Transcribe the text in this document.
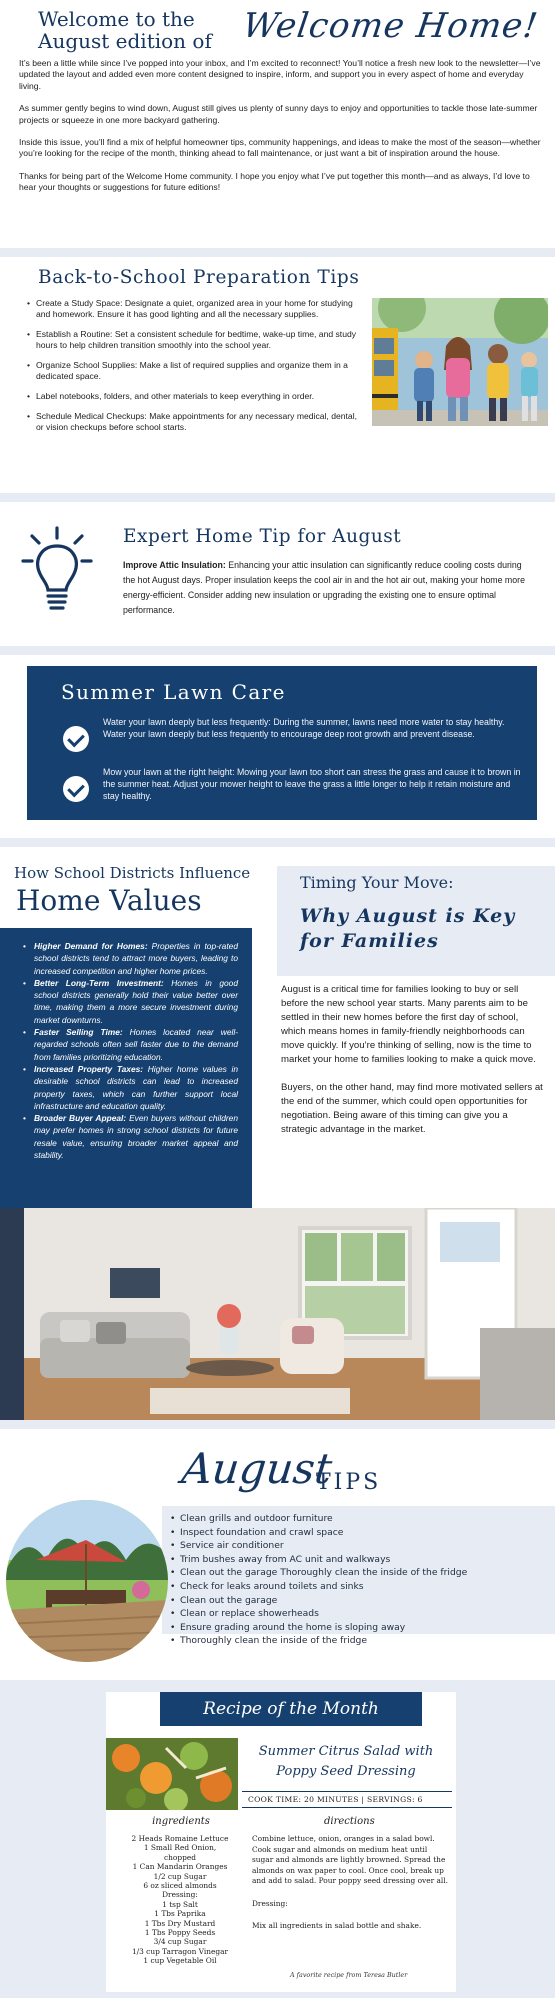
Welcome to the
August edition of Welcome Home!

It’s been a little while since I’ve popped into your inbox, and I’m excited to reconnect! You’ll notice a fresh new look to the newsletter—I’ve updated the layout and added even more content designed to inspire, inform, and support you in every aspect of home and everyday living.

As summer gently begins to wind down, August still gives us plenty of sunny days to enjoy and opportunities to tackle those late-summer projects or squeeze in one more backyard gathering.

Inside this issue, you’ll find a mix of helpful homeowner tips, community happenings, and ideas to make the most of the season—whether you’re looking for the recipe of the month, thinking ahead to fall maintenance, or just want a bit of inspiration around the house.

Thanks for being part of the Welcome Home community. I hope you enjoy what I’ve put together this month—and as always, I’d love to hear your thoughts or suggestions for future editions!

Back-to-School Preparation Tips
• Create a Study Space: Designate a quiet, organized area in your home for studying and homework. Ensure it has good lighting and all the necessary supplies.
• Establish a Routine: Set a consistent schedule for bedtime, wake-up time, and study hours to help children transition smoothly into the school year.
• Organize School Supplies: Make a list of required supplies and organize them in a dedicated space.
• Label notebooks, folders, and other materials to keep everything in order.
• Schedule Medical Checkups: Make appointments for any necessary medical, dental, or vision checkups before school starts.
Expert Home Tip for August
Improve Attic Insulation: Enhancing your attic insulation can significantly reduce cooling costs during the hot August days. Proper insulation keeps the cool air in and the hot air out, making your home more energy-efficient. Consider adding new insulation or upgrading the existing one to ensure optimal performance.
Summer Lawn Care

Water your lawn deeply but less frequently: During the summer, lawns need more water to stay healthy. Water your lawn deeply but less frequently to encourage deep root growth and prevent disease.

Mow your lawn at the right height: Mowing your lawn too short can stress the grass and cause it to brown in the summer heat. Adjust your mower height to leave the grass a little longer to help it retain moisture and stay healthy.

How School Districts Influence
Home Values
Timing Your Move:
Why August is Key for Families
• Higher Demand for Homes: Properties in top-rated school districts tend to attract more buyers, leading to increased competition and higher home prices.
• Better Long-Term Investment: Homes in good school districts generally hold their value better over time, making them a more secure investment during market downturns.
• Faster Selling Time: Homes located near well-regarded schools often sell faster due to the demand from families prioritizing education.
• Increased Property Taxes: Higher home values in desirable school districts can lead to increased property taxes, which can further support local infrastructure and education quality.
• Broader Buyer Appeal: Even buyers without children may prefer homes in strong school districts for future resale value, ensuring broader market appeal and stability.

August is a critical time for families looking to buy or sell before the new school year starts. Many parents aim to be settled in their new homes before the first day of school, which means homes in family-friendly neighborhoods can move quickly. If you’re thinking of selling, now is the time to market your home to families looking to make a quick move.

Buyers, on the other hand, may find more motivated sellers at the end of the summer, which could open opportunities for negotiation. Being aware of this timing can give you a strategic advantage in the market.

August
TIPS
• Clean grills and outdoor furniture
• Inspect foundation and crawl space
• Service air conditioner
• Trim bushes away from AC unit and walkways
• Clean out the garage Thoroughly clean the inside of the fridge
• Check for leaks around toilets and sinks
• Clean out the garage
• Clean or replace showerheads
• Ensure grading around the home is sloping away
• Thoroughly clean the inside of the fridge
Recipe of the Month
Summer Citrus Salad with Poppy Seed Dressing
COOK TIME: 20 MINUTES | SERVINGS: 6
ingredients	directions
2 Heads Romaine Lettuce
1 Small Red Onion,
chopped
1 Can Mandarin Oranges
1/2 cup Sugar
6 oz sliced almonds
Dressing:
1 tsp Salt
1 Tbs Paprika
1 Tbs Dry Mustard
1 Tbs Poppy Seeds
3/4 cup Sugar
1/3 cup Tarragon Vinegar
1 cup Vegetable Oil

Combine lettuce, onion, oranges in a salad bowl. Cook sugar and almonds on medium heat until sugar and almonds are lightly browned. Spread the almonds on wax paper to cool. Once cool, break up and add to salad. Pour poppy seed dressing over all.

Dressing:

Mix all ingredients in salad bottle and shake.

A favorite recipe from Teresa Butler
